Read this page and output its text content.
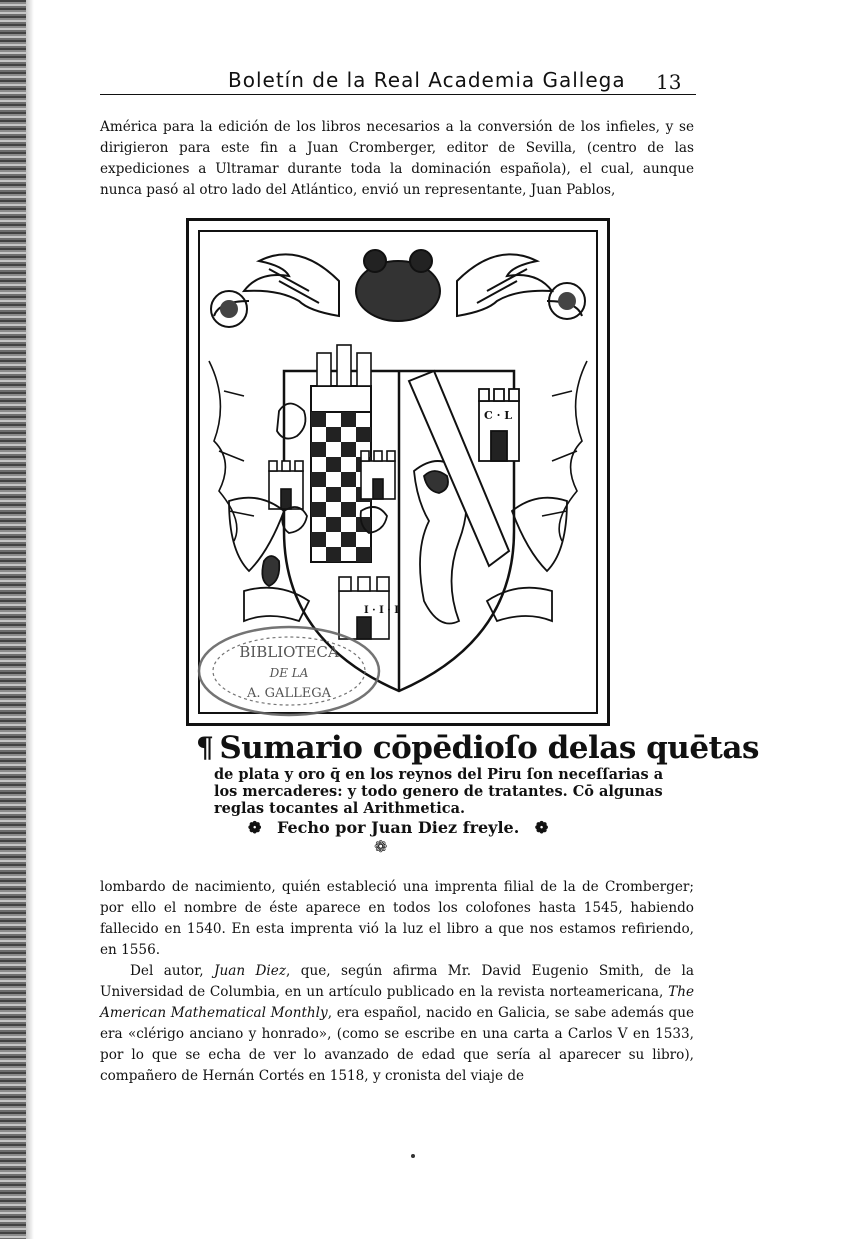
Boletín de la Real Academia Gallega 13

América para la edición de los libros necesarios a la conversión de los infieles, y se dirigieron para este fin a Juan Cromberger, editor de Sevilla, (centro de las expediciones a Ultramar durante toda la dominación española), el cual, aunque nunca pasó al otro lado del Atlántico, envió un representante, Juan Pablos,

I · I · I
C · L
BIBLIOTECA
DE LA
A. GALLEGA
¶ Sumario cōpēdioſo delas quētas
de plata y oro q̄ en los reynos del Piru ſon neceſſarias a
los mercaderes: y todo genero de tratantes. Cō algunas
reglas tocantes al Arithmetica.
❁ Fecho por Juan Diez freyle. ❁
❁

lombardo de nacimiento, quién estableció una imprenta filial de la de Cromberger; por ello el nombre de éste aparece en todos los colofones hasta 1545, habiendo fallecido en 1540. En esta imprenta vió la luz el libro a que nos estamos refiriendo, en 1556.

Del autor, Juan Diez, que, según afirma Mr. David Eugenio Smith, de la Universidad de Columbia, en un artículo publicado en la revista norteamericana, The American Mathematical Monthly, era español, nacido en Galicia, se sabe además que era «clérigo anciano y honrado», (como se escribe en una carta a Carlos V en 1533, por lo que se echa de ver lo avanzado de edad que sería al aparecer su libro), compañero de Hernán Cortés en 1518, y cronista del viaje de
